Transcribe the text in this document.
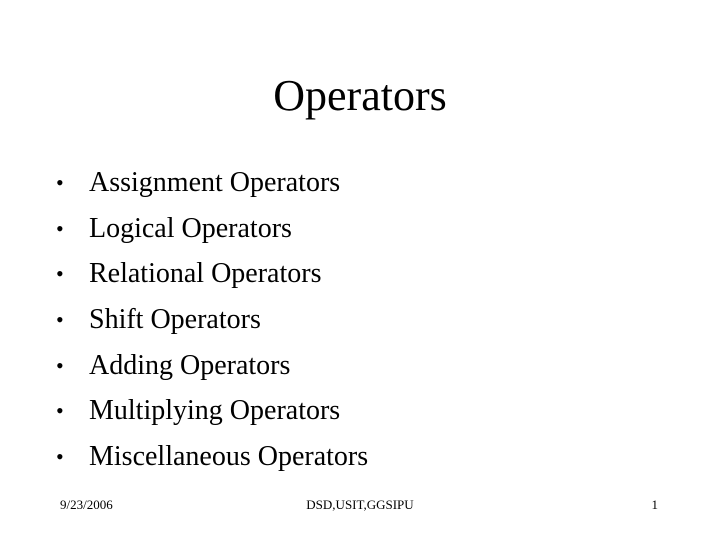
Operators
• Assignment Operators
• Logical Operators
• Relational Operators
• Shift Operators
• Adding Operators
• Multiplying Operators
• Miscellaneous Operators
9/23/2006	DSD,USIT,GGSIPU	1
